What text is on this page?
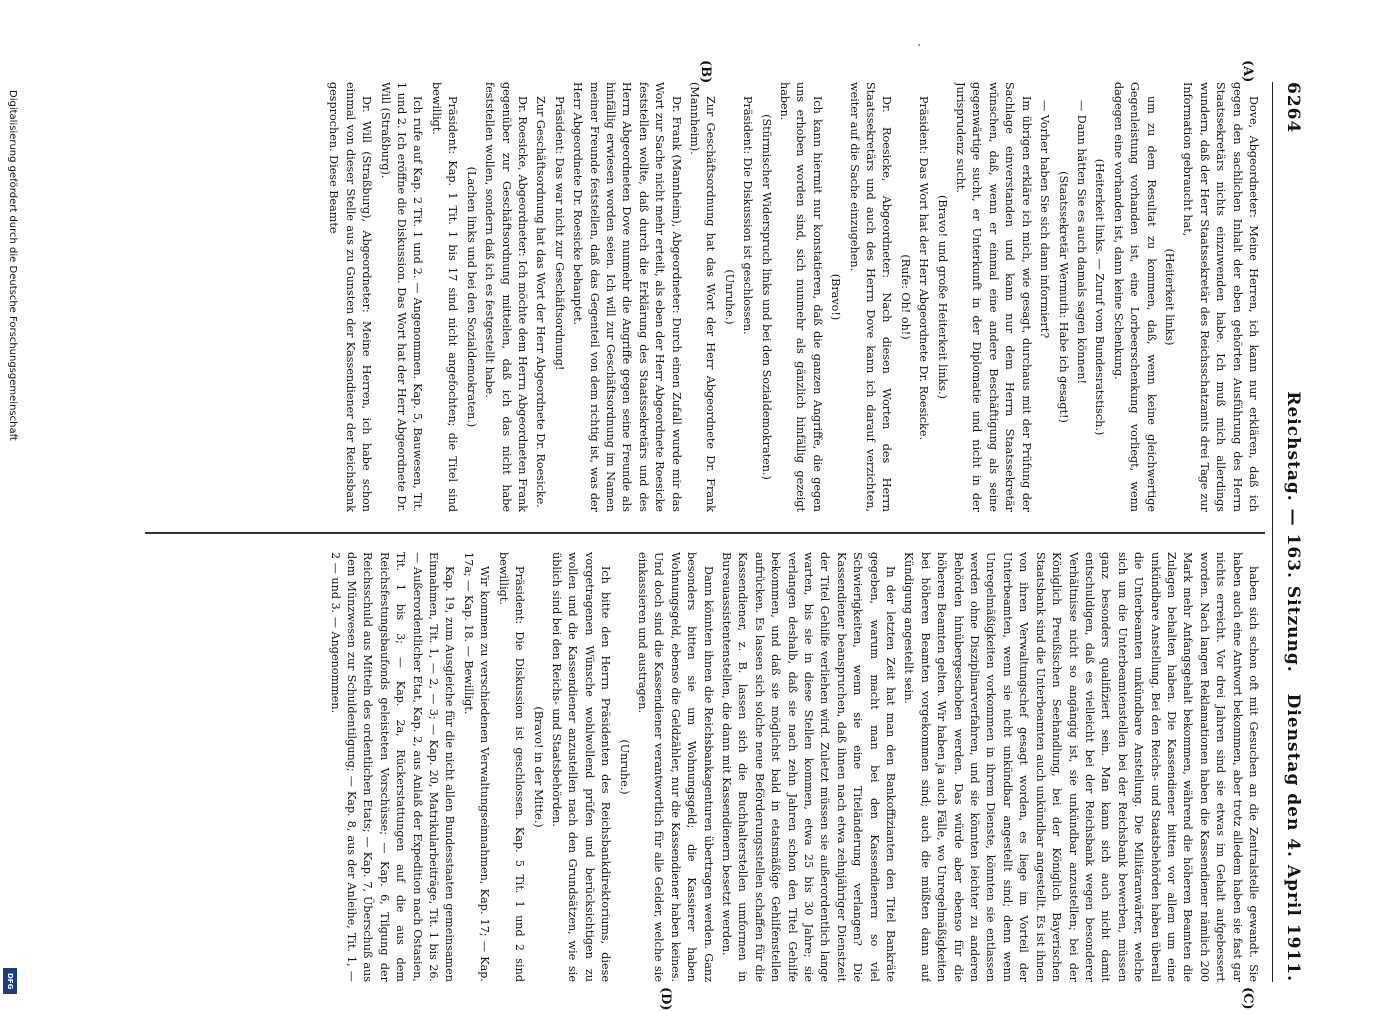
6264
Reichstag. — 163. Sitzung.
Dienstag den 4. April 1911.

Dove, Abgeordneter: Meine Herren, ich kann nur erklären, daß ich gegen den sachlichen Inhalt der eben gehörten Ausführung des Herrn Staatssekretärs nichts einzuwenden habe. Ich muß mich allerdings wundern, daß der Herr Staatssekretär des Reichsschatzamts drei Tage zur Information gebraucht hat,

(Heiterkeit links)

um zu dem Resultat zu kommen, daß, wenn keine gleichwertige Gegenleistung vorhanden ist, eine Lorbeerschenkung vorliegt, wenn dagegen eine vorhanden ist, dann keine Schenkung.

(Heiterkeit links. — Zuruf vom Bundesratstisch.)

— Dann hätten Sie es auch damals sagen können!

(Staatssekretär Wermuth: Habe ich gesagt!)

— Vorher haben Sie sich dann informiert?

Im übrigen erkläre ich mich, wie gesagt, durchaus mit der Prüfung der Sachlage einverstanden und kann nur dem Herrn Staatssekretär wünschen, daß, wenn er einmal eine andere Beschäftigung als seine gegenwärtige sucht, er Unterkunft in der Diplomatie und nicht in der Jurisprudenz sucht.

(Bravo! und große Heiterkeit links.)

Präsident: Das Wort hat der Herr Abgeordnete Dr. Roesicke.

(Rufe: Oh! oh!)

Dr. Roesicke, Abgeordneter: Nach diesen Worten des Herrn Staatssekretärs und auch des Herrn Dove kann ich darauf verzichten, weiter auf die Sache einzugehen.

(Bravo!)

Ich kann hiermit nur konstatieren, daß die ganzen Angriffe, die gegen uns erhoben worden sind, sich nunmehr als gänzlich hinfällig gezeigt haben.

(Stürmischer Widerspruch links und bei den Sozialdemokraten.)

Präsident: Die Diskussion ist geschlossen.

(Unruhe.)

Zur Geschäftsordnung hat das Wort der Herr Abgeordnete Dr. Frank (Mannheim).

Dr. Frank (Mannheim), Abgeordneter: Durch einen Zufall wurde mir das Wort zur Sache nicht mehr erteilt, als eben der Herr Abgeordnete Roesicke feststellen wollte, daß durch die Erklärung des Staatssekretärs und des Herrn Abgeordneten Dove nunmehr die Angriffe gegen seine Freunde als hinfällig erwiesen worden seien. Ich will zur Geschäftsordnung im Namen meiner Freunde feststellen, daß das Gegenteil von dem richtig ist, was der Herr Abgeordnete Dr. Roesicke behauptet.

Präsident: Das war nicht zur Geschäftsordnung!

Zur Geschäftsordnung hat das Wort der Herr Abgeordnete Dr. Roesicke.

Dr. Roesicke, Abgeordneter: Ich möchte dem Herrn Abgeordneten Frank gegenüber zur Geschäftsordnung mitteilen, daß ich das nicht habe feststellen wollen, sondern daß ich es festgestellt habe.

(Lachen links und bei den Sozialdemokraten.)

Präsident: Kap. 1 Tit. 1 bis 17 sind nicht angefochten; die Titel sind bewilligt.

Ich rufe auf Kap. 2 Tit. 1 und 2. — Angenommen. Kap. 5, Bauwesen, Tit. 1 und 2. Ich eröffne die Diskussion. Das Wort hat der Herr Abgeordnete Dr. Will (Straßburg).

Dr. Will (Straßburg), Abgeordneter: Meine Herren, ich habe schon einmal von dieser Stelle aus zu Gunsten der Kassendiener der Reichsbank gesprochen. Diese Beamte

haben sich schon oft mit Gesuchen an die Zentralstelle gewandt. Sie haben auch eine Antwort bekommen, aber trotz alledem haben sie fast gar nichts erreicht. Vor drei Jahren sind sie etwas im Gehalt aufgebessert worden. Nach langen Reklamationen haben die Kassendiener nämlich 200 Mark mehr Anfangsgehalt bekommen, während die höheren Beamten die Zulagen behalten haben. Die Kassendiener bitten vor allem um eine unkündbare Anstellung. Bei den Reichs- und Staatsbehörden haben überall die Unterbeamten unkündbare Anstellung. Die Militäranwärter, welche sich um die Unterbeamtenstellen bei der Reichsbank bewerben, müssen ganz besonders qualifiziert sein. Man kann sich auch nicht damit entschuldigen, daß es vielleicht bei der Reichsbank wegen besonderer Verhältnisse nicht so angängig ist, sie unkündbar anzustellen; bei der Königlich Preußischen Seehandlung, bei der Königlich Bayerischen Staatsbank sind die Unterbeamten auch unkündbar angestellt. Es ist ihnen von ihren Verwaltungschef gesagt worden, es liege im Vorteil der Unterbeamten, wenn sie nicht unkündbar angestellt sind; denn wenn Unregelmäßigkeiten vorkommen in ihrem Dienste, könnten sie entlassen werden ohne Disziplinarverfahren, und sie könnten leichter zu anderen Behörden hinübergeschoben werden. Das würde aber ebenso für die höheren Beamten gelten. Wir haben ja auch Fälle, wo Unregelmäßigkeiten bei höheren Beamten vorgekommen sind; auch die müßten dann auf Kündigung angestellt sein.

In der letzten Zeit hat man den Bankoffizianten den Titel Bankräte gegeben, warum macht man bei den Kassendienern so viel Schwierigkeiten, wenn sie eine Titeländerung verlangen? Die Kassendiener beanspruchen, daß ihnen nach etwa zehnjähriger Dienstzeit der Titel Gehilfe verliehen wird. Zuletzt müssen sie außerordentlich lange warten, bis sie in diese Stellen kommen, etwa 25 bis 30 Jahre; sie verlangen deshalb, daß sie nach zehn Jahren schon den Titel Gehilfe bekommen, und daß sie möglichst bald in etatsmäßige Gehilfenstellen aufrücken. Es lassen sich solche neue Beförderungsstellen schaffen für die Kassendiener, z. B. lassen sich die Buchhalterstellen umformen in Bureauassistentenstellen, die dann mit Kassendienern besetzt werden.

Dann könnten ihnen die Reichsbankagenturen übertragen werden. Ganz besonders bitten sie um Wohnungsgeld; die Kassierer haben Wohnungsgeld, ebenso die Geldzähler, nur die Kassendiener haben keines. Und doch sind die Kassendiener verantwortlich für alle Gelder, welche sie einkassieren und austragen.

(Unruhe.)

Ich bitte den Herrn Präsidenten des Reichsbankdirektoriums, diese vorgetragenen Wünsche wohlwollend prüfen und berücksichtigen zu wollen und die Kassendiener anzustellen nach den Grundsätzen, wie sie üblich sind bei den Reichs- und Staatsbehörden.

(Bravo! in der Mitte.)

Präsident: Die Diskussion ist geschlossen. Kap. 5 Tit. 1 und 2 sind bewilligt.

Wir kommen zu verschiedenen Verwaltungseinnahmen, Kap. 17; — Kap. 17a; — Kap. 18. — Bewilligt.

Kap. 19, zum Ausgleiche für die nicht allen Bundesstaaten gemeinsamen Einnahmen, Tit. 1, — 2, — 3; — Kap. 20, Matrikularbeiträge, Tit. 1 bis 26. — Außerordentlicher Etat, Kap. 2, aus Anlaß der Expedition nach Ostasien, Tit. 1 bis 3; — Kap. 2a, Rückerstattungen auf die aus dem Reichsfestungsbaufonds geleisteten Vorschüsse; — Kap. 6, Tilgung der Reichsschuld aus Mitteln des ordentlichen Etats; — Kap. 7, Überschuß aus dem Münzwesen zur Schuldentilgung; — Kap. 8, aus der Anleihe, Tit. 1, — 2 — und 3. — Angenommen.

(A)
(B)
(C)
(D)
Digitalisierung gefördert durch die Deutsche Forschungsgemeinschaft
DFG
